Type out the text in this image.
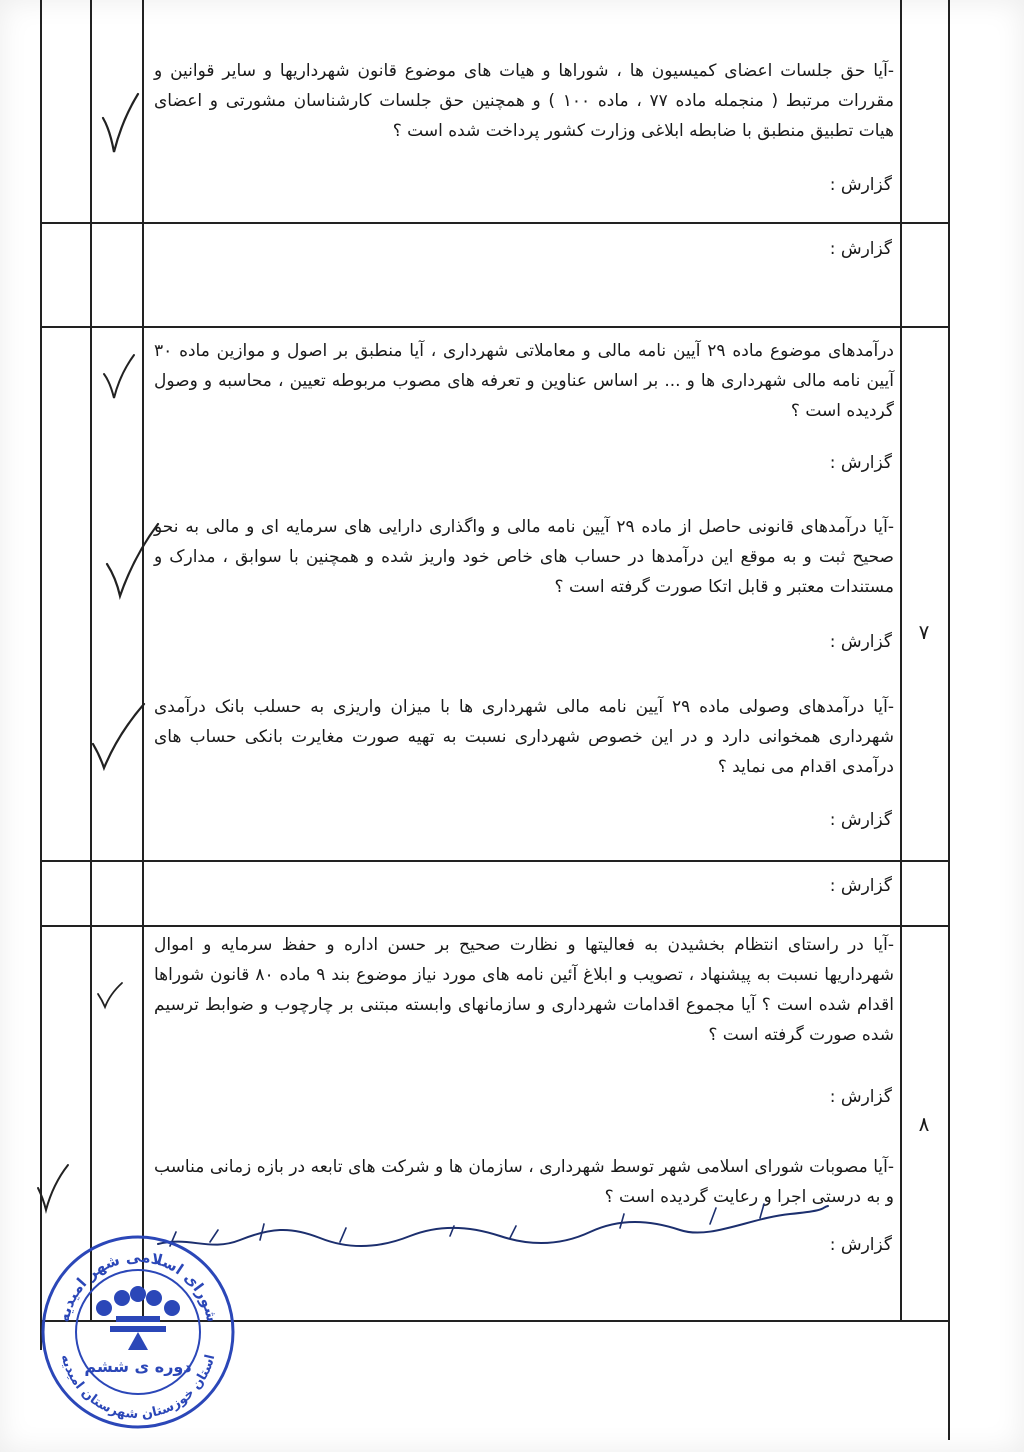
-آیا حق جلسات اعضای کمیسیون ها ، شوراها و هیات های موضوع قانون شهرداریها و سایر قوانین و مقررات مرتبط ( منجمله ماده ۷۷ ، ماده ۱۰۰ ) و همچنین حق جلسات کارشناسان مشورتی و اعضای هیات تطبیق منطبق با ضابطه ابلاغی وزارت کشور پرداخت شده است ؟
گزارش :
گزارش :
۷
درآمدهای موضوع ماده ۲۹ آیین نامه مالی و معاملاتی شهرداری ، آیا منطبق بر اصول و موازین ماده ۳۰ آیین نامه مالی شهرداری ها و ... بر اساس عناوین و تعرفه های مصوب مربوطه تعیین ، محاسبه و وصول گردیده است ؟
گزارش :
-آیا درآمدهای قانونی حاصل از ماده ۲۹ آیین نامه مالی و واگذاری دارایی های سرمایه ای و مالی به نحو صحیح ثبت و به موقع این درآمدها در حساب های خاص خود واریز شده و همچنین با سوابق ، مدارک و مستندات معتبر و قابل اتکا صورت گرفته است ؟
گزارش :
-آیا درآمدهای وصولی ماده ۲۹ آیین نامه مالی شهرداری ها با میزان واریزی به حسلب بانک درآمدی شهرداری همخوانی دارد و در این خصوص شهرداری نسبت به تهیه صورت مغایرت بانکی حساب های درآمدی اقدام می نماید ؟
گزارش :
گزارش :
۸
-آیا در راستای انتظام بخشیدن به فعالیتها و نظارت صحیح بر حسن اداره و حفظ سرمایه و اموال شهرداریها نسبت به پیشنهاد ، تصویب و ابلاغ آئین نامه های مورد نیاز موضوع بند ۹ ماده ۸۰ قانون شوراها اقدام شده است ؟ آیا مجموع اقدامات شهرداری و سازمانهای وابسته مبتنی بر چارچوب و ضوابط ترسیم شده صورت گرفته است ؟
گزارش :
-آیا مصوبات شورای اسلامی شهر توسط شهرداری ، سازمان ها و شرکت های تابعه در بازه زمانی مناسب و به درستی اجرا و رعایت گردیده است ؟
گزارش :
شورای اسلامی شهر امیدیه
استان خوزستان شهرستان امیدیه
دوره ی ششم
